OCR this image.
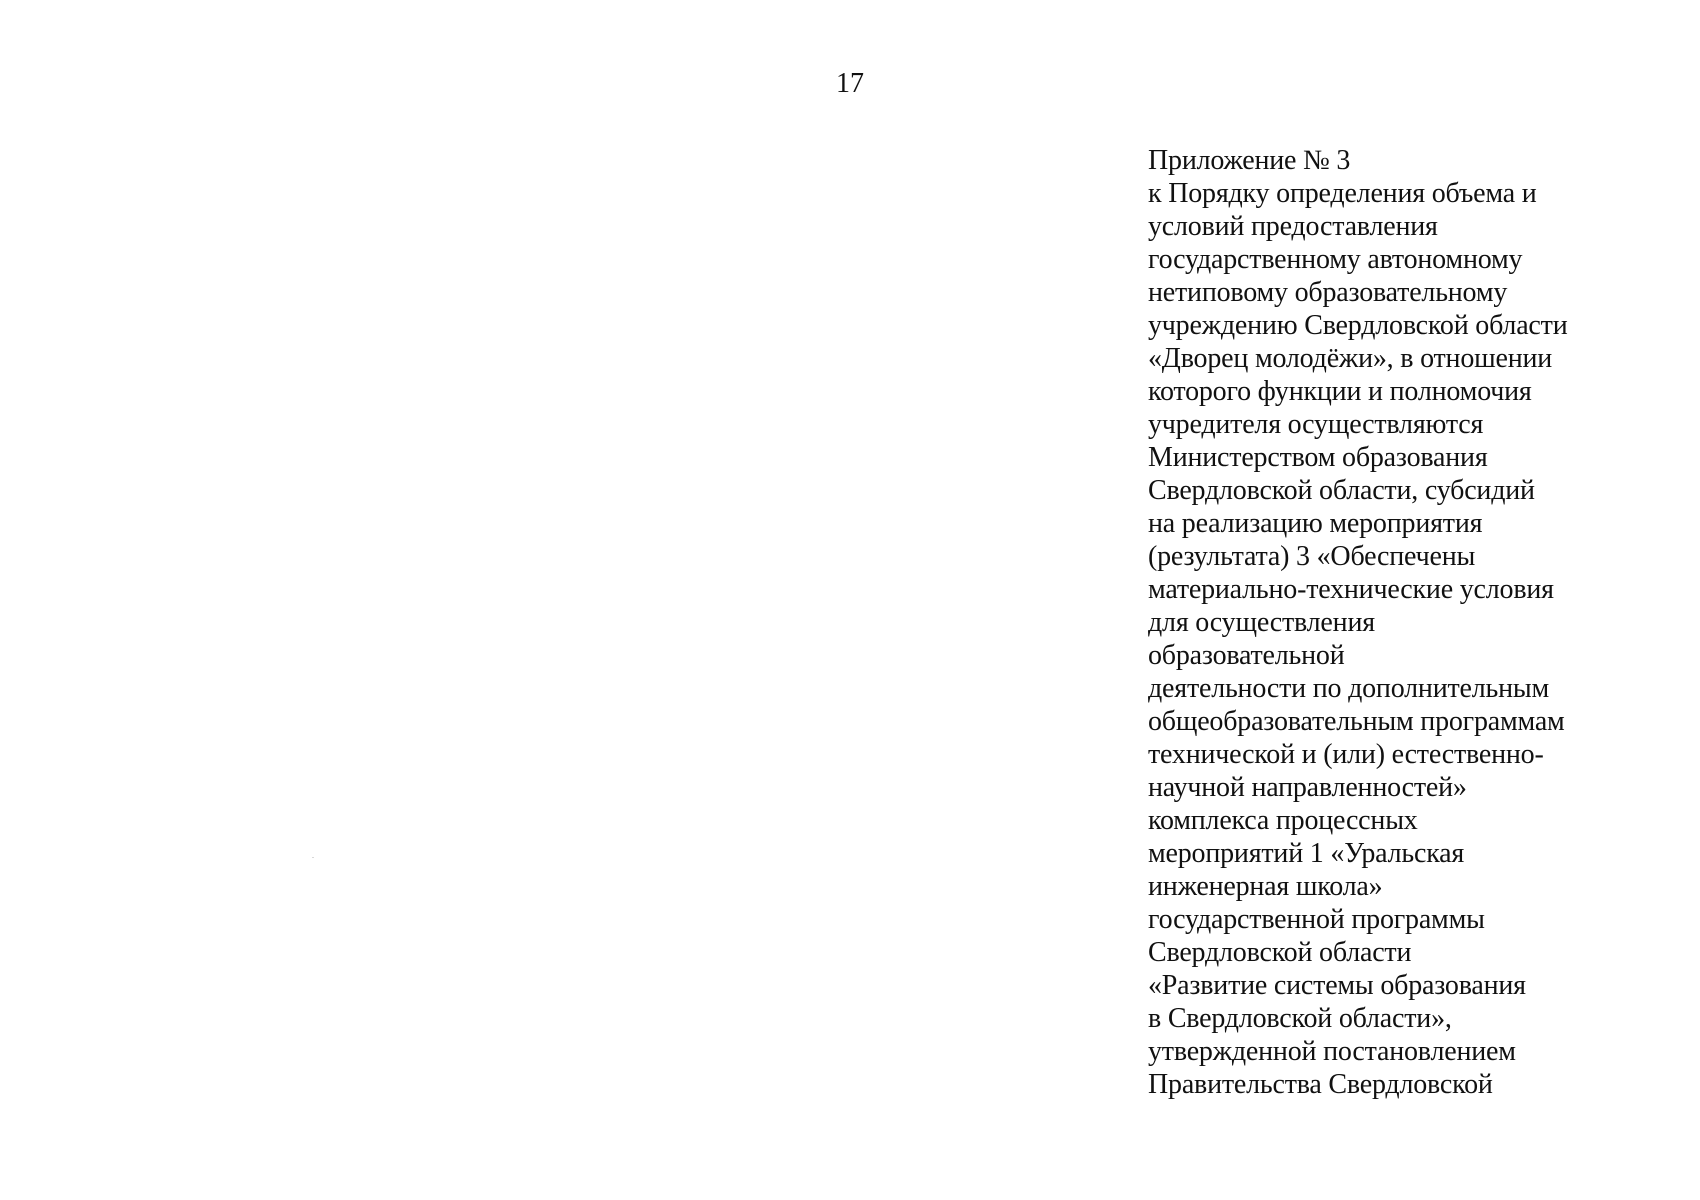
17
Приложение № 3
к Порядку определения объема и
условий предоставления
государственному автономному
нетиповому образовательному
учреждению Свердловской области
«Дворец молодёжи», в отношении
которого функции и полномочия
учредителя осуществляются
Министерством образования
Свердловской области, субсидий
на реализацию мероприятия
(результата) 3 «Обеспечены
материально-технические условия
для осуществления
образовательной
деятельности по дополнительным
общеобразовательным программам
технической и (или) естественно-
научной направленностей»
комплекса процессных
мероприятий 1 «Уральская
инженерная школа»
государственной программы
Свердловской области
«Развитие системы образования
в Свердловской области»,
утвержденной постановлением
Правительства Свердловской
